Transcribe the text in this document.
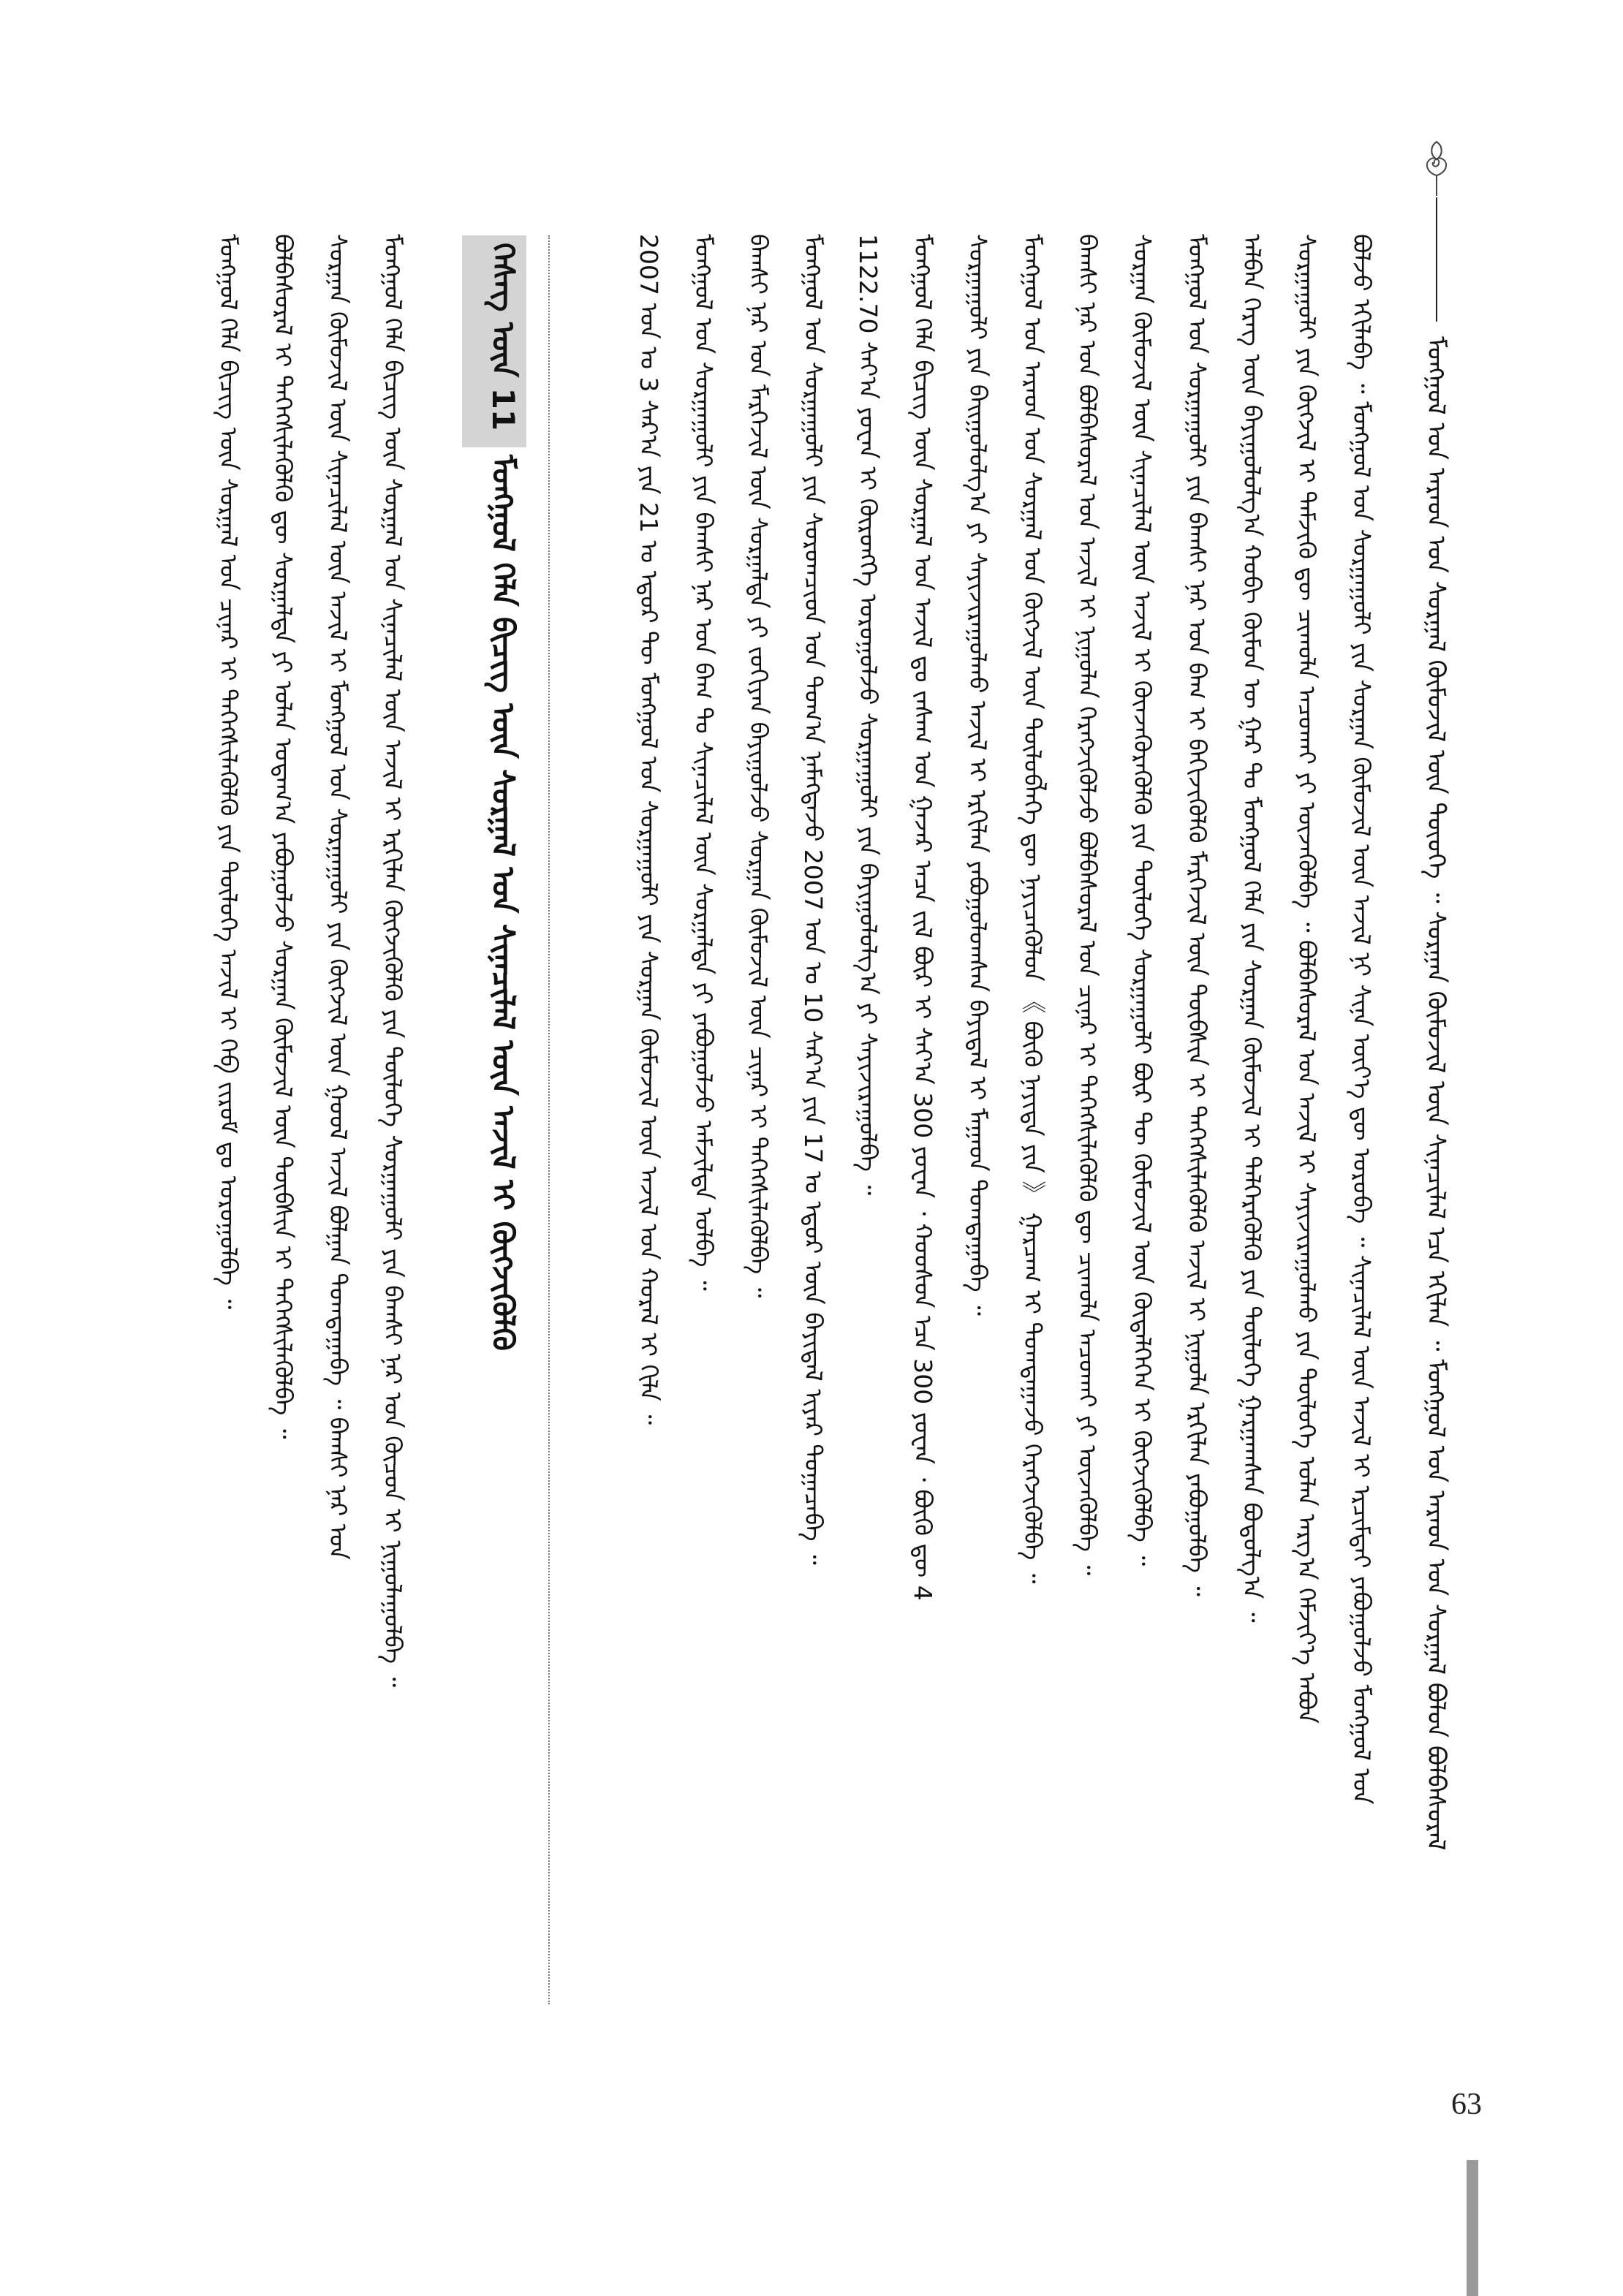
ᠮᠣᠩᠭᠣᠯ ᠤᠨ ᠠᠷᠠᠳ ᠤᠨ ᠰᠤᠷᠭᠠᠯ ᠬᠦᠮᠦᠵᠢᠯ ᠦᠨ ᠲᠦᠦᠬᠡ ᠃ ᠰᠤᠷᠭᠠᠨ ᠬᠦᠮᠦᠵᠢᠯ ᠦᠨ ᠰᠢᠨᠡᠴᠢᠯᠡᠯ ᠡᠴᠡ ᠡᠬᠢᠯᠡᠨ ᠃ ᠮᠣᠩᠭᠣᠯ ᠤᠨ ᠠᠷᠠᠳ ᠤᠨ ᠰᠤᠷᠭᠠᠯ ᠪᠣᠯᠤᠨ ᠪᠣᠯᠪᠠᠰᠤᠷᠠᠯ
ᠪᠣᠯᠵᠤ ᠡᠬᠢᠯᠡᠪᠡ ᠃ ᠮᠣᠩᠭᠣᠯ ᠤᠨ ᠰᠤᠷᠭᠠᠭᠤᠯᠢ ᠶᠢᠨ ᠰᠤᠷᠭᠠᠨ ᠬᠦᠮᠦᠵᠢᠯ ᠦᠨ ᠠᠵᠢᠯ ᠨᠢ ᠰᠢᠨᠡ ᠦᠶ᠎ᠡ ᠳᠦ ᠣᠷᠣᠪᠠ ᠃ ᠰᠢᠨᠡᠴᠢᠯᠡᠯ ᠦᠨ ᠠᠵᠢᠯ ᠢ ᠡᠷᠴᠢᠮᠲᠡᠢ ᠶᠠᠪᠤᠭᠤᠯᠵᠤ ᠮᠣᠩᠭᠣᠯ ᠤᠨ
ᠰᠤᠷᠭᠠᠭᠤᠯᠢ ᠶᠢᠨ ᠬᠥᠭᠵᠢᠯ ᠢ ᠳᠡᠮᠵᠢᠬᠦ ᠳᠦ ᠴᠢᠬᠤᠯᠠ ᠠᠴᠤᠬᠠᠢ ᠶᠢ ᠦᠵᠡᠭᠦᠯᠪᠡ ᠃ ᠪᠣᠯᠪᠠᠰᠤᠷᠠᠯ ᠤᠨ ᠠᠵᠢᠯ ᠢ ᠰᠠᠶᠢᠵᠢᠷᠠᠭᠤᠯᠬᠤ ᠶᠢᠨ ᠲᠥᠯᠥᠭᠡ ᠣᠯᠠᠨ ᠠᠷᠭ᠎ᠠ ᠬᠡᠮᠵᠢᠶ᠎ᠡ ᠠᠪᠤᠨ
ᠠᠯᠪᠠᠨ ᠬᠡᠷᠡᠭ ᠦᠨ ᠪᠠᠶᠢᠭᠤᠯᠤᠯᠭ᠎ᠠ ᠬᠤᠪᠢ ᠬᠥᠮᠦᠨ ᠦ ᠭᠠᠷ ᠲᠤ ᠮᠣᠩᠭᠣᠯ ᠬᠡᠯᠡ ᠶᠢᠨ ᠰᠤᠷᠭᠠᠨ ᠬᠦᠮᠦᠵᠢᠯ ᠢ ᠳᠡᠯᠭᠡᠷᠡᠭᠦᠯᠬᠦ ᠶᠢᠨ ᠲᠥᠯᠥᠭᠡ ᠭᠠᠷᠭᠠᠭᠰᠠᠨ ᠪᠣᠳᠤᠯᠭ᠎ᠠ ᠃
ᠮᠣᠩᠭᠣᠯ ᠤᠨ ᠰᠤᠷᠭᠠᠭᠤᠯᠢ ᠶᠢᠨ ᠪᠠᠭᠰᠢ ᠨᠠᠷ ᠤᠨ ᠪᠠᠭ ᠢ ᠪᠡᠬᠢᠵᠢᠭᠦᠯᠬᠦ ᠮᠡᠷᠭᠡᠵᠢᠯ ᠦᠨ ᠲᠦᠪᠰᠢᠨ ᠢ ᠳᠡᠭᠡᠭᠰᠢᠯᠡᠭᠦᠯᠬᠦ ᠠᠵᠢᠯ ᠢ ᠨᠢᠭᠤᠯᠠ ᠡᠷᠬᠢᠯᠡᠨ ᠶᠠᠪᠤᠭᠤᠯᠪᠠ ᠃
ᠰᠤᠷᠭᠠᠨ ᠬᠦᠮᠦᠵᠢᠯ ᠦᠨ ᠰᠢᠨᠡᠴᠢᠯᠡᠯ ᠦᠨ ᠠᠵᠢᠯ ᠢ ᠭᠦᠨᠵᠡᠭᠦᠷᠡᠭᠦᠯᠬᠦ ᠶᠢᠨ ᠲᠥᠯᠥᠭᠡ ᠰᠤᠷᠭᠠᠭᠤᠯᠢ ᠪᠦᠷ ᠲᠦ ᠬᠦᠮᠦᠵᠢᠯ ᠦᠨ ᠬᠥᠳᠡᠯᠭᠡᠭᠡᠨ ᠢ ᠬᠥᠭᠵᠢᠭᠦᠯᠪᠡ ᠃
ᠪᠠᠭᠰᠢ ᠨᠠᠷ ᠤᠨ ᠪᠣᠯᠪᠠᠰᠤᠷᠠᠯ ᠤᠨ ᠠᠵᠢᠯ ᠢ ᠨᠢᠭᠤᠯᠠᠨ ᠬᠡᠷᠡᠭᠵᠢᠭᠦᠯᠵᠦ ᠪᠣᠯᠪᠠᠰᠤᠷᠠᠯ ᠤᠨ ᠴᠢᠨᠠᠷ ᠢ ᠳᠡᠭᠡᠭᠰᠢᠯᠡᠭᠦᠯᠬᠦ ᠳᠦ ᠴᠢᠬᠤᠯᠠ ᠠᠴᠤᠬᠠᠢ ᠶᠢ ᠦᠵᠡᠭᠦᠯᠪᠡ ᠃
ᠮᠣᠩᠭᠣᠯ ᠤᠨ ᠠᠷᠠᠳ ᠤᠨ ᠰᠤᠷᠭᠠᠯ ᠤᠨ ᠬᠥᠭᠵᠢᠯ ᠦᠨ ᠲᠥᠯᠥᠪᠯᠡᠭᠡ ᠳᠦ ᠨᠡᠶᠢᠴᠡᠭᠦᠯᠦᠨ 《 ᠪᠦᠬᠦ ᠨᠡᠶᠢᠲᠡ ᠶᠢᠨ 》 ᠭᠠᠷᠴᠠᠭ ᠢ ᠲᠣᠭᠲᠠᠭᠠᠵᠤ ᠬᠡᠷᠡᠭᠵᠢᠭᠦᠯᠪᠡ ᠃
ᠰᠤᠷᠭᠠᠭᠤᠯᠢ ᠶᠢᠨ ᠪᠠᠢᠭᠤᠯᠤᠯᠭ᠎ᠠ ᠶᠢ ᠰᠠᠶᠢᠵᠢᠷᠠᠭᠤᠯᠬᠤ ᠠᠵᠢᠯ ᠢ ᠡᠷᠬᠢᠯᠡᠨ ᠶᠠᠪᠤᠭᠤᠯᠤᠭᠰᠠᠨ ᠪᠠᠶᠢᠳᠠᠯ ᠢ ᠮᠠᠭᠠᠳ ᠲᠣᠭᠲᠠᠭᠠᠪᠠ ᠃
ᠮᠣᠩᠭᠣᠯ ᠬᠡᠯᠡ ᠪᠢᠴᠢᠭ ᠦᠨ ᠰᠤᠷᠭᠠᠯ ᠤᠨ ᠠᠵᠢᠯ ᠳᠤ ᠵᠠᠰᠠᠭ ᠤᠨ ᠭᠠᠵᠠᠷ ᠠᠴᠠ ᠵᠢᠯ ᠪᠦᠷ ᠢ ᠰᠠᠶ᠎ᠠ 300 ᠶᠤᠸᠠᠨ ᠂ ᠬᠣᠣᠰᠣᠨ ᠡᠴᠡ 300 ᠶᠤᠸᠠᠨ ᠂ ᠪᠦᠬᠦ ᠳᠦ 4
1122.70 ᠰᠠᠶ᠎ᠠ ᠶᠤᠸᠠᠨ ᠢ ᠬᠥᠷᠥᠩᠭᠡ ᠣᠷᠣᠭᠤᠯᠵᠤ ᠰᠤᠷᠭᠠᠭᠤᠯᠢ ᠶᠢᠨ ᠪᠠᠶᠢᠭᠤᠯᠤᠯᠭ᠎ᠠ ᠶᠢ ᠰᠠᠶᠢᠵᠢᠷᠠᠭᠤᠯᠪᠠ ᠃
ᠮᠣᠩᠭᠣᠯ ᠤᠨ ᠰᠤᠷᠭᠠᠭᠤᠯᠢ ᠶᠢᠨ ᠰᠤᠷᠤᠭᠴᠢᠳ ᠤᠨ ᠲᠣᠭ᠎ᠠ ᠨᠡᠮᠡᠭᠳᠡᠵᠦ 2007 ᠣᠨ ᠤ 10 ᠰᠠᠷ᠎ᠠ ᠶᠢᠨ 17 ᠤ ᠡᠳᠦᠷ ᠦᠨ ᠪᠠᠶᠢᠳᠠᠯ ᠢᠶᠠᠷ ᠲᠣᠭᠠᠴᠠᠪᠠ ᠃
ᠪᠠᠭᠰᠢ ᠨᠠᠷ ᠤᠨ ᠮᠡᠷᠭᠡᠵᠢᠯ ᠦᠨ ᠰᠤᠷᠭᠠᠯᠲᠠ ᠶᠢ ᠵᠣᠬᠢᠶᠠᠨ ᠪᠠᠶᠢᠭᠤᠯᠵᠤ ᠰᠤᠷᠭᠠᠨ ᠬᠦᠮᠦᠵᠢᠯ ᠦᠨ ᠴᠢᠨᠠᠷ ᠢ ᠳᠡᠭᠡᠭᠰᠢᠯᠡᠭᠦᠯᠪᠡ ᠃
ᠮᠣᠩᠭᠣᠯ ᠤᠨ ᠰᠤᠷᠭᠠᠭᠤᠯᠢ ᠶᠢᠨ ᠪᠠᠭᠰᠢ ᠨᠠᠷ ᠤᠨ ᠪᠠᠭ ᠲᠤ ᠰᠢᠨᠡᠴᠢᠯᠡᠯ ᠦᠨ ᠰᠤᠷᠭᠠᠯᠲᠠ ᠶᠢ ᠶᠠᠪᠤᠭᠤᠯᠵᠤ ᠠᠮᠵᠢᠯᠲᠠ ᠣᠯᠪᠠ ᠃
2007 ᠣᠨ ᠤ 3 ᠰᠠᠷ᠎ᠠ ᠶᠢᠨ 21 ᠤ ᠡᠳᠦᠷ ᠲᠦ ᠮᠣᠩᠭᠣᠯ ᠤᠨ ᠰᠤᠷᠭᠠᠭᠤᠯᠢ ᠶᠢᠨ ᠰᠤᠷᠭᠠᠨ ᠬᠦᠮᠦᠵᠢᠯ ᠦᠨ ᠠᠵᠢᠯ ᠤᠨ ᠬᠤᠷᠠᠯ ᠢ ᠬᠢᠯᠡ ᠃
ᠬᠡᠰᠡᠭ ᠦᠨ 11
ᠮᠣᠩᠭᠣᠯ ᠬᠡᠯᠡ ᠪᠢᠴᠢᠭ ᠦᠨ ᠰᠤᠷᠭᠠᠯ ᠤᠨ ᠰᠢᠨᠡᠴᠢᠯᠡᠯ ᠦᠨ ᠠᠵᠢᠯ ᠢ ᠬᠥᠭᠵᠢᠭᠦᠯᠬᠦ
ᠮᠣᠩᠭᠣᠯ ᠬᠡᠯᠡ ᠪᠢᠴᠢᠭ ᠦᠨ ᠰᠤᠷᠭᠠᠯ ᠤᠨ ᠰᠢᠨᠡᠴᠢᠯᠡᠯ ᠦᠨ ᠠᠵᠢᠯ ᠢ ᠡᠷᠬᠢᠯᠡᠨ ᠬᠥᠭᠵᠢᠭᠦᠯᠬᠦ ᠶᠢᠨ ᠲᠥᠯᠥᠭᠡ ᠰᠤᠷᠭᠠᠭᠤᠯᠢ ᠶᠢᠨ ᠪᠠᠭᠰᠢ ᠨᠠᠷ ᠤᠨ ᠬᠦᠴᠦᠨ ᠢ ᠨᠢᠭᠤᠯᠠᠭᠤᠯᠪᠠ ᠃
ᠰᠤᠷᠭᠠᠨ ᠬᠦᠮᠦᠵᠢᠯ ᠦᠨ ᠰᠢᠨᠡᠴᠢᠯᠡᠯ ᠦᠨ ᠠᠵᠢᠯ ᠢ ᠮᠣᠩᠭᠣᠯ ᠤᠨ ᠰᠤᠷᠭᠠᠭᠤᠯᠢ ᠶᠢᠨ ᠬᠥᠭᠵᠢᠯ ᠦᠨ ᠭᠣᠣᠯ ᠠᠵᠢᠯ ᠪᠣᠯᠭᠠᠨ ᠲᠣᠭᠲᠠᠭᠠᠪᠠ ᠃ ᠪᠠᠭᠰᠢ ᠨᠠᠷ ᠤᠨ
ᠪᠣᠯᠪᠠᠰᠤᠷᠠᠯ ᠢ ᠳᠡᠭᠡᠭᠰᠢᠯᠡᠭᠦᠯᠬᠦ ᠳᠦ ᠰᠤᠷᠭᠠᠯᠲᠠ ᠶᠢ ᠣᠯᠠᠨ ᠤᠳᠠᠭ᠎ᠠ ᠶᠠᠪᠤᠭᠤᠯᠵᠤ ᠰᠤᠷᠭᠠᠨ ᠬᠦᠮᠦᠵᠢᠯ ᠦᠨ ᠲᠦᠪᠰᠢᠨ ᠢ ᠳᠡᠭᠡᠭᠰᠢᠯᠡᠭᠦᠯᠪᠡ ᠃
ᠮᠣᠩᠭᠣᠯ ᠬᠡᠯᠡ ᠪᠢᠴᠢᠭ ᠦᠨ ᠰᠤᠷᠭᠠᠯ ᠤᠨ ᠴᠢᠨᠠᠷ ᠢ ᠳᠡᠭᠡᠭᠰᠢᠯᠡᠭᠦᠯᠬᠦ ᠶᠢᠨ ᠲᠥᠯᠥᠭᠡ ᠠᠵᠢᠯ ᠢ ᠬᠡᠪ ᠵᠢᠷᠤᠮ ᠳᠤ ᠣᠷᠣᠭᠤᠯᠪᠠ ᠃
63
